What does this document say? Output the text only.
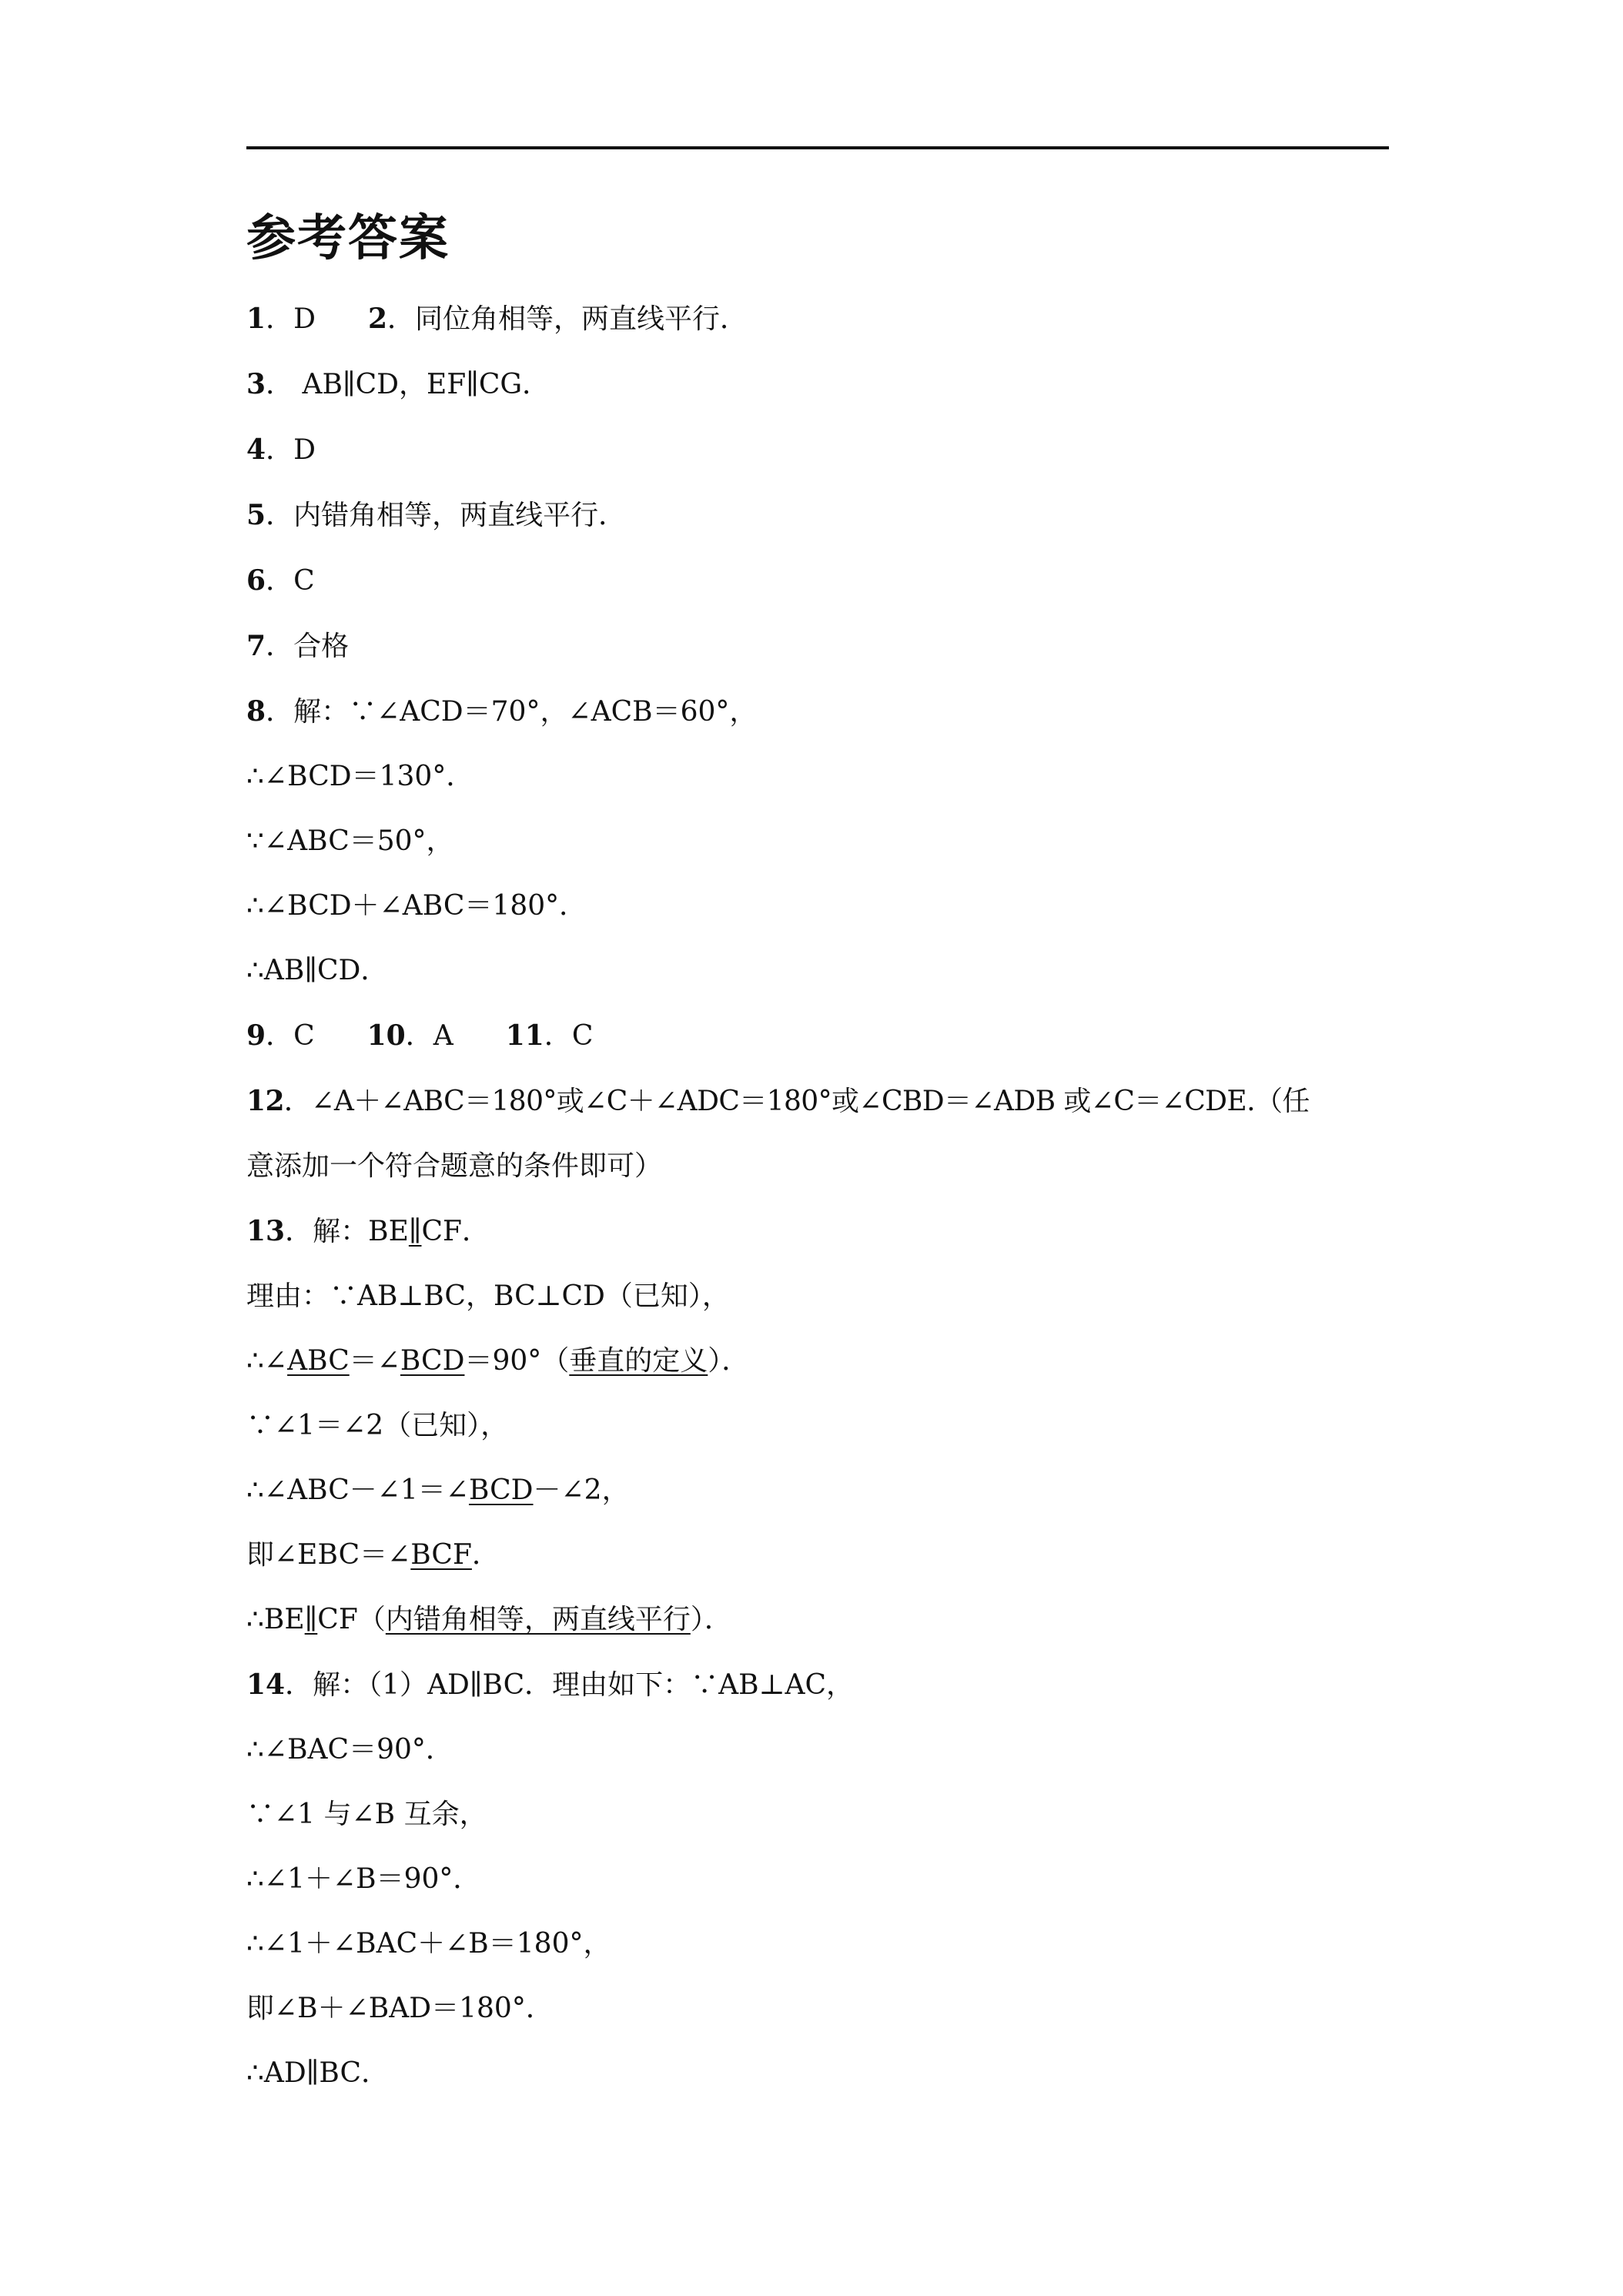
参考答案
1．D 2．同位角相等，两直线平行．
3． AB∥CD，EF∥CG．
4．D
5．内错角相等，两直线平行．
6．C
7．合格
8．解：∵∠ACD＝70°，∠ACB＝60°，
∴∠BCD＝130°．
∵∠ABC＝50°，
∴∠BCD＋∠ABC＝180°．
∴AB∥CD．
9．C 10．A 11．C
12．∠A＋∠ABC＝180°或∠C＋∠ADC＝180°或∠CBD＝∠ADB 或∠C＝∠CDE.（任
意添加一个符合题意的条件即可）
13．解：BE∥CF．
理由：∵AB⊥BC，BC⊥CD（已知），
∴∠ABC＝∠BCD＝90°（垂直的定义）．
∵∠1＝∠2（已知），
∴∠ABC－∠1＝∠BCD－∠2，
即∠EBC＝∠BCF．
∴BE∥CF（内错角相等，两直线平行）．
14．解：（1）AD∥BC．理由如下：∵AB⊥AC，
∴∠BAC＝90°．
∵∠1 与∠B 互余，
∴∠1＋∠B＝90°．
∴∠1＋∠BAC＋∠B＝180°，
即∠B＋∠BAD＝180°．
∴AD∥BC．
